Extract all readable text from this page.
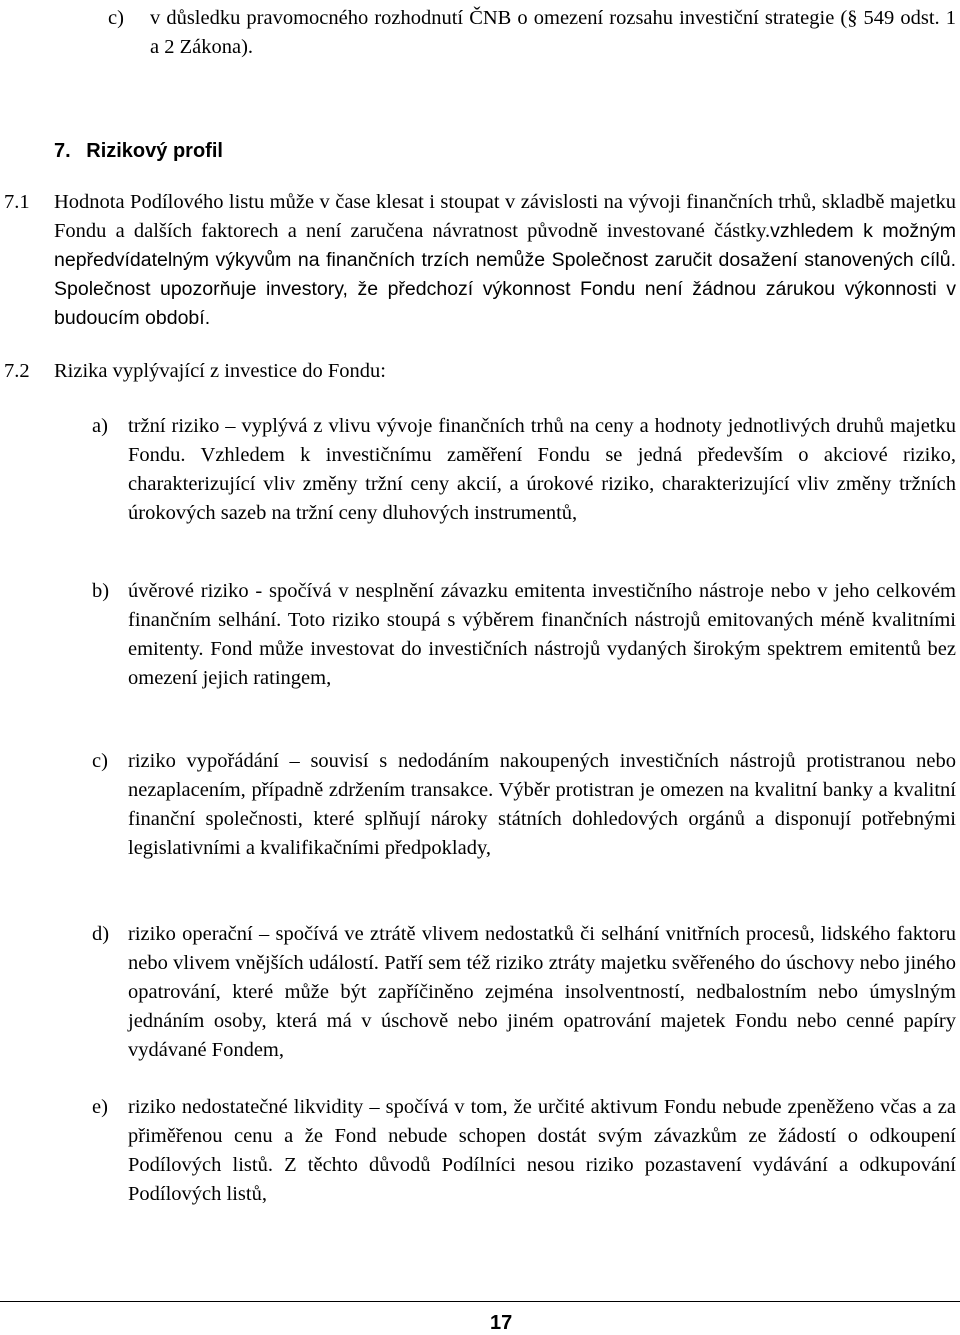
c) v důsledku pravomocného rozhodnutí ČNB o omezení rozsahu investiční strategie (§ 549 odst. 1 a 2 Zákona).
7. Rizikový profil
7.1 Hodnota Podílového listu může v čase klesat i stoupat v závislosti na vývoji finančních trhů, skladbě majetku Fondu a dalších faktorech a není zaručena návratnost původně investované částky.vzhledem k možným nepředvídatelným výkyvům na finančních trzích nemůže Společnost zaručit dosažení stanovených cílů. Společnost upozorňuje investory, že předchozí výkonnost Fondu není žádnou zárukou výkonnosti v budoucím období.
7.2 Rizika vyplývající z investice do Fondu:
a) tržní riziko – vyplývá z vlivu vývoje finančních trhů na ceny a hodnoty jednotlivých druhů majetku Fondu. Vzhledem k investičnímu zaměření Fondu se jedná především o akciové riziko, charakterizující vliv změny tržní ceny akcií, a úrokové riziko, charakterizující vliv změny tržních úrokových sazeb na tržní ceny dluhových instrumentů,
b) úvěrové riziko - spočívá v nesplnění závazku emitenta investičního nástroje nebo v jeho celkovém finančním selhání. Toto riziko stoupá s výběrem finančních nástrojů emitovaných méně kvalitními emitenty. Fond může investovat do investičních nástrojů vydaných širokým spektrem emitentů bez omezení jejich ratingem,
c) riziko vypořádání – souvisí s nedodáním nakoupených investičních nástrojů protistranou nebo nezaplacením, případně zdržením transakce. Výběr protistran je omezen na kvalitní banky a kvalitní finanční společnosti, které splňují nároky státních dohledových orgánů a disponují potřebnými legislativními a kvalifikačními předpoklady,
d) riziko operační – spočívá ve ztrátě vlivem nedostatků či selhání vnitřních procesů, lidského faktoru nebo vlivem vnějších událostí. Patří sem též riziko ztráty majetku svěřeného do úschovy nebo jiného opatrování, které může být zapříčiněno zejména insolventností, nedbalostním nebo úmyslným jednáním osoby, která má v úschově nebo jiném opatrování majetek Fondu nebo cenné papíry vydávané Fondem,
e) riziko nedostatečné likvidity – spočívá v tom, že určité aktivum Fondu nebude zpeněženo včas a za přiměřenou cenu a že Fond nebude schopen dostát svým závazkům ze žádostí o odkoupení Podílových listů. Z těchto důvodů Podílníci nesou riziko pozastavení vydávání a odkupování Podílových listů,
17
